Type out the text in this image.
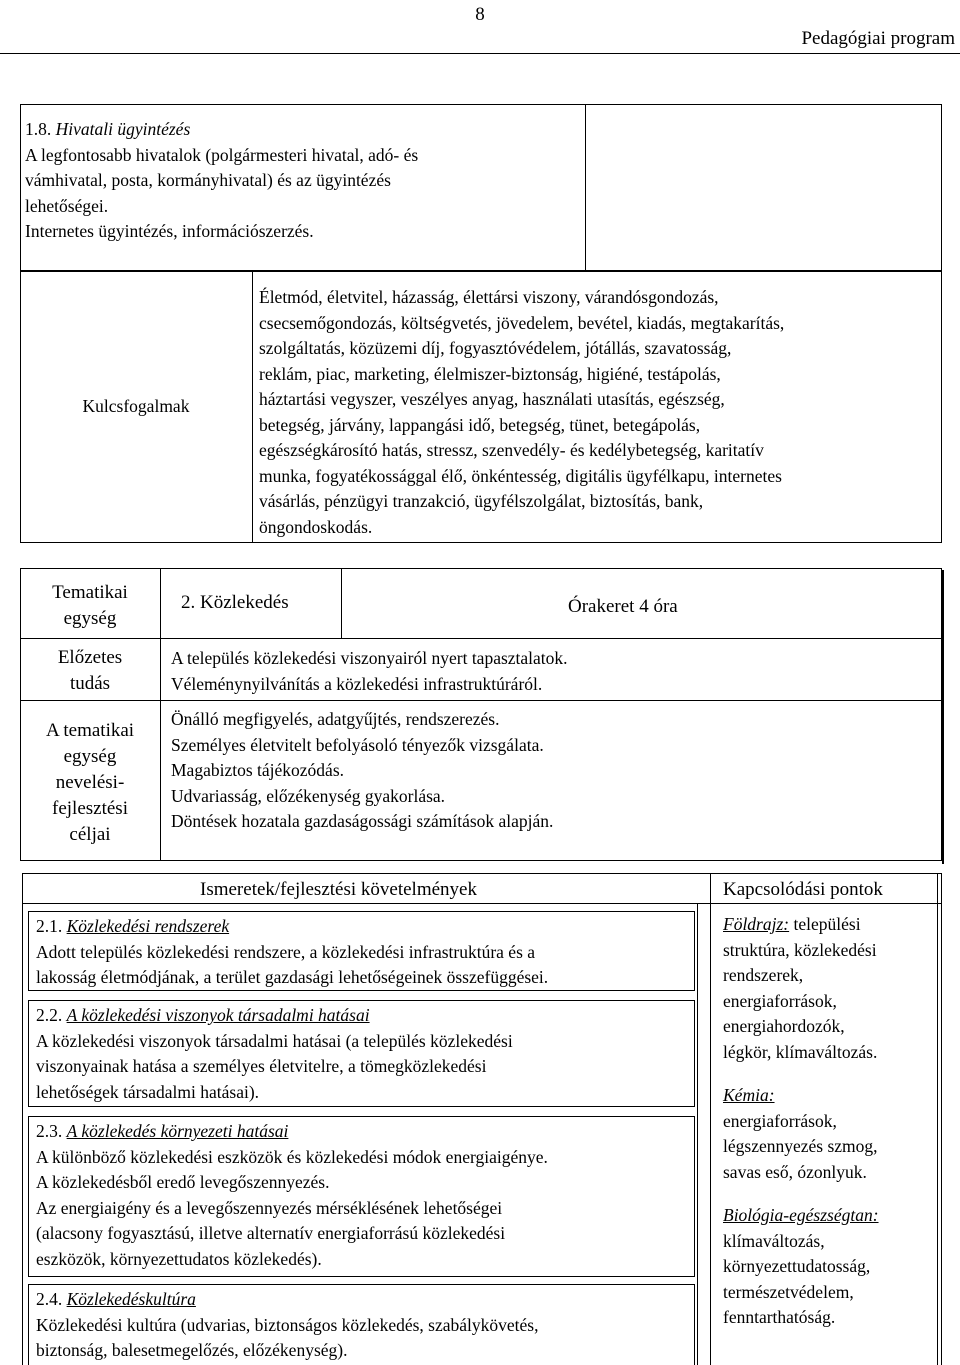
8
Pedagógiai program
1.8. Hivatali ügyintézés
A legfontosabb hivatalok (polgármesteri hivatal, adó- és
vámhivatal, posta, kormányhivatal) és az ügyintézés
lehetőségei.
Internetes ügyintézés, információszerzés.
Kulcsfogalmak
Életmód, életvitel, házasság, élettársi viszony, várandósgondozás,
csecsemőgondozás, költségvetés, jövedelem, bevétel, kiadás, megtakarítás,
szolgáltatás, közüzemi díj, fogyasztóvédelem, jótállás, szavatosság,
reklám, piac, marketing, élelmiszer-biztonság, higiéné, testápolás,
háztartási vegyszer, veszélyes anyag, használati utasítás, egészség,
betegség, járvány, lappangási idő, betegség, tünet, betegápolás,
egészségkárosító hatás, stressz, szenvedély- és kedélybetegség, karitatív
munka, fogyatékossággal élő, önkéntesség, digitális ügyfélkapu, internetes
vásárlás, pénzügyi tranzakció, ügyfélszolgálat, biztosítás, bank,
öngondoskodás.
Tematikai
egység
Előzetes
tudás
A tematikai
egység
nevelési-
fejlesztési
céljai
2. Közlekedés	Órakeret 4 óra
A település közlekedési viszonyairól nyert tapasztalatok.
Véleménynyilvánítás a közlekedési infrastruktúráról.
Önálló megfigyelés, adatgyűjtés, rendszerezés.
Személyes életvitelt befolyásoló tényezők vizsgálata.
Magabiztos tájékozódás.
Udvariasság, előzékenység gyakorlása.
Döntések hozatala gazdaságossági számítások alapján.
Ismeretek/fejlesztési követelmények	Kapcsolódási pontok
2.1. Közlekedési rendszerek
Adott település közlekedési rendszere, a közlekedési infrastruktúra és a
lakosság életmódjának, a terület gazdasági lehetőségeinek összefüggései.
2.2. A közlekedési viszonyok társadalmi hatásai
A közlekedési viszonyok társadalmi hatásai (a település közlekedési
viszonyainak hatása a személyes életvitelre, a tömegközlekedési
lehetőségek társadalmi hatásai).
2.3. A közlekedés környezeti hatásai
A különböző közlekedési eszközök és közlekedési módok energiaigénye.
A közlekedésből eredő levegőszennyezés.
Az energiaigény és a levegőszennyezés mérséklésének lehetőségei
(alacsony fogyasztású, illetve alternatív energiaforrású közlekedési
eszközök, környezettudatos közlekedés).
2.4. Közlekedéskultúra
Közlekedési kultúra (udvarias, biztonságos közlekedés, szabálykövetés,
biztonság, balesetmegelőzés, előzékenység).
Földrajz: települési
struktúra, közlekedési
rendszerek,
energiaforrások,
energiahordozók,
légkör, klímaváltozás.
Kémia:
energiaforrások,
légszennyezés szmog,
savas eső, ózonlyuk.
Biológia-egészségtan:
klímaváltozás,
környezettudatosság,
természetvédelem,
fenntarthatóság.
